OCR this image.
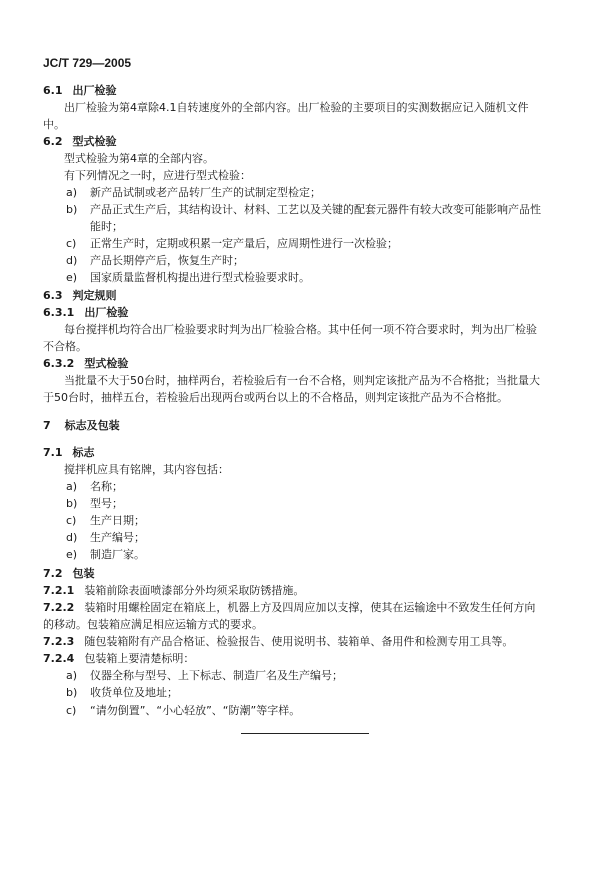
JC/T 729—2005
6.1 出厂检验
出厂检验为第4章除4.1自转速度外的全部内容。出厂检验的主要项目的实测数据应记入随机文件
中。
6.2 型式检验
型式检验为第4章的全部内容。
有下列情况之一时，应进行型式检验：
a) 新产品试制或老产品转厂生产的试制定型检定；
b) 产品正式生产后，其结构设计、材料、工艺以及关键的配套元器件有较大改变可能影响产品性
能时；
c) 正常生产时，定期或积累一定产量后，应周期性进行一次检验；
d) 产品长期停产后，恢复生产时；
e) 国家质量监督机构提出进行型式检验要求时。
6.3 判定规则
6.3.1 出厂检验
每台搅拌机均符合出厂检验要求时判为出厂检验合格。其中任何一项不符合要求时，判为出厂检验
不合格。
6.3.2 型式检验
当批量不大于50台时，抽样两台，若检验后有一台不合格，则判定该批产品为不合格批；当批量大
于50台时，抽样五台，若检验后出现两台或两台以上的不合格品，则判定该批产品为不合格批。
7 标志及包装
7.1 标志
搅拌机应具有铭牌，其内容包括：
a) 名称；
b) 型号；
c) 生产日期；
d) 生产编号；
e) 制造厂家。
7.2 包装
7.2.1 装箱前除表面喷漆部分外均须采取防锈措施。
7.2.2 装箱时用螺栓固定在箱底上，机器上方及四周应加以支撑，使其在运输途中不致发生任何方向
的移动。包装箱应满足相应运输方式的要求。
7.2.3 随包装箱附有产品合格证、检验报告、使用说明书、装箱单、备用件和检测专用工具等。
7.2.4 包装箱上要清楚标明：
a) 仪器全称与型号、上下标志、制造厂名及生产编号；
b) 收货单位及地址；
c) “请勿倒置”、“小心轻放”、“防潮”等字样。
